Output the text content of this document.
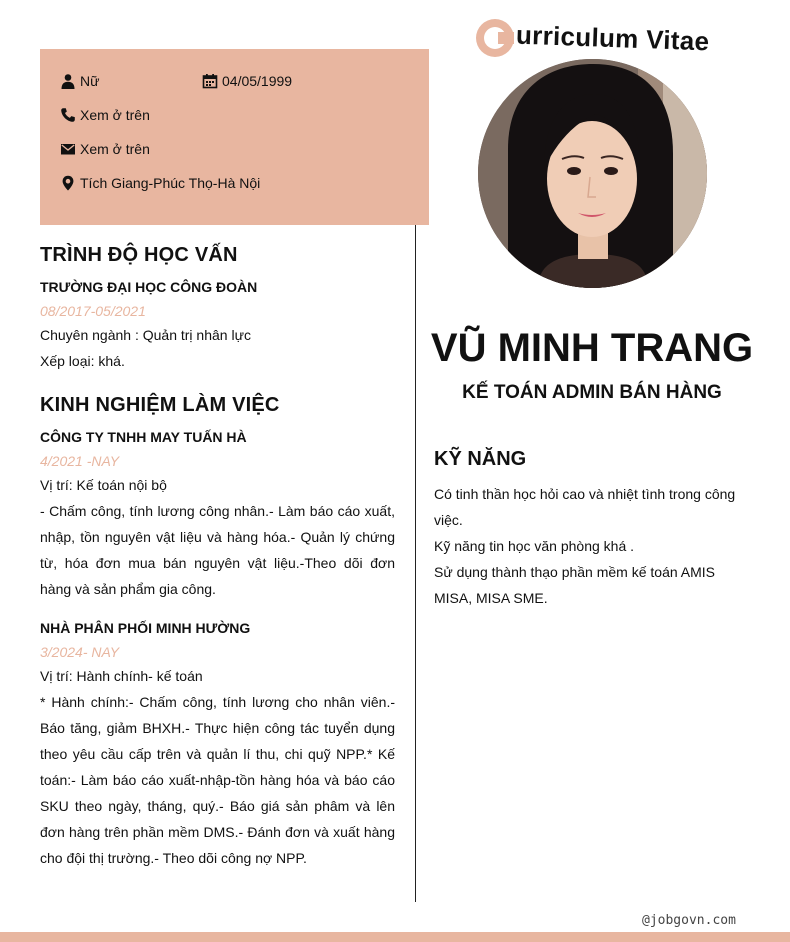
Nữ	04/05/1999
Xem ở trên
Xem ở trên
Tích Giang-Phúc Thọ-Hà Nội
TRÌNH ĐỘ HỌC VẤN
TRƯỜNG ĐẠI HỌC CÔNG ĐOÀN
08/2017-05/2021
Chuyên ngành : Quản trị nhân lực
Xếp loại: khá.
KINH NGHIỆM LÀM VIỆC
CÔNG TY TNHH MAY TUẤN HÀ
4/2021 -NAY
Vị trí: Kế toán nội bộ
- Chấm công, tính lương công nhân.- Làm báo cáo xuất, nhập, tồn nguyên vật liệu và hàng hóa.- Quản lý chứng từ, hóa đơn mua bán nguyên vật liệu.-Theo dõi đơn hàng và sản phẩm gia công.
NHÀ PHÂN PHỐI MINH HƯỜNG
3/2024- NAY
Vị trí: Hành chính- kế toán
* Hành chính:- Chấm công, tính lương cho nhân viên.- Báo tăng, giảm BHXH.- Thực hiện công tác tuyển dụng theo yêu cầu cấp trên và quản lí thu, chi quỹ NPP.* Kế toán:- Làm báo cáo xuất-nhập-tồn hàng hóa và báo cáo SKU theo ngày, tháng, quý.- Báo giá sản phâm và lên đơn hàng trên phần mềm DMS.- Đánh đơn và xuất hàng cho đội thị trường.- Theo dõi công nợ NPP.
urriculum Vitae
VŨ MINH TRANG
KẾ TOÁN ADMIN BÁN HÀNG
KỸ NĂNG
Có tinh thần học hỏi cao và nhiệt tình trong công việc.
Kỹ năng tin học văn phòng khá .
Sử dụng thành thạo phần mềm kế toán AMIS MISA, MISA SME.
@jobgovn.com
